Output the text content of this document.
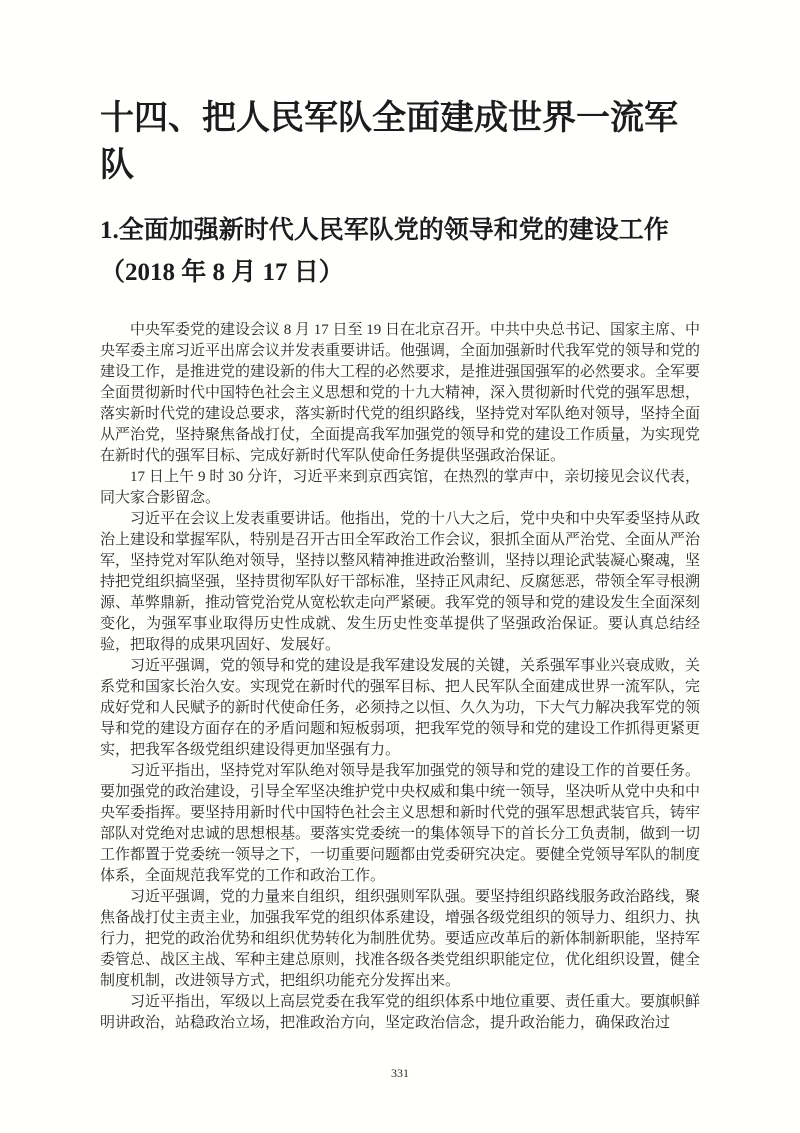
十四、把人民军队全面建成世界一流军队
1.全面加强新时代人民军队党的领导和党的建设工作（2018 年 8 月 17 日）

中央军委党的建设会议 8 月 17 日至 19 日在北京召开。中共中央总书记、国家主席、中央军委主席习近平出席会议并发表重要讲话。他强调，全面加强新时代我军党的领导和党的建设工作，是推进党的建设新的伟大工程的必然要求，是推进强国强军的必然要求。全军要全面贯彻新时代中国特色社会主义思想和党的十九大精神，深入贯彻新时代党的强军思想，落实新时代党的建设总要求，落实新时代党的组织路线，坚持党对军队绝对领导，坚持全面从严治党，坚持聚焦备战打仗，全面提高我军加强党的领导和党的建设工作质量，为实现党在新时代的强军目标、完成好新时代军队使命任务提供坚强政治保证。

17 日上午 9 时 30 分许，习近平来到京西宾馆，在热烈的掌声中，亲切接见会议代表，同大家合影留念。

习近平在会议上发表重要讲话。他指出，党的十八大之后，党中央和中央军委坚持从政治上建设和掌握军队，特别是召开古田全军政治工作会议，狠抓全面从严治党、全面从严治军，坚持党对军队绝对领导，坚持以整风精神推进政治整训，坚持以理论武装凝心聚魂，坚持把党组织搞坚强，坚持贯彻军队好干部标准，坚持正风肃纪、反腐惩恶，带领全军寻根溯源、革弊鼎新，推动管党治党从宽松软走向严紧硬。我军党的领导和党的建设发生全面深刻变化，为强军事业取得历史性成就、发生历史性变革提供了坚强政治保证。要认真总结经验，把取得的成果巩固好、发展好。

习近平强调，党的领导和党的建设是我军建设发展的关键，关系强军事业兴衰成败，关系党和国家长治久安。实现党在新时代的强军目标、把人民军队全面建成世界一流军队，完成好党和人民赋予的新时代使命任务，必须持之以恒、久久为功，下大气力解决我军党的领导和党的建设方面存在的矛盾问题和短板弱项，把我军党的领导和党的建设工作抓得更紧更实，把我军各级党组织建设得更加坚强有力。

习近平指出，坚持党对军队绝对领导是我军加强党的领导和党的建设工作的首要任务。要加强党的政治建设，引导全军坚决维护党中央权威和集中统一领导，坚决听从党中央和中央军委指挥。要坚持用新时代中国特色社会主义思想和新时代党的强军思想武装官兵，铸牢部队对党绝对忠诚的思想根基。要落实党委统一的集体领导下的首长分工负责制，做到一切工作都置于党委统一领导之下，一切重要问题都由党委研究决定。要健全党领导军队的制度体系，全面规范我军党的工作和政治工作。

习近平强调，党的力量来自组织，组织强则军队强。要坚持组织路线服务政治路线，聚焦备战打仗主责主业，加强我军党的组织体系建设，增强各级党组织的领导力、组织力、执行力，把党的政治优势和组织优势转化为制胜优势。要适应改革后的新体制新职能，坚持军委管总、战区主战、军种主建总原则，找准各级各类党组织职能定位，优化组织设置，健全制度机制，改进领导方式，把组织功能充分发挥出来。

习近平指出，军级以上高层党委在我军党的组织体系中地位重要、责任重大。要旗帜鲜明讲政治，站稳政治立场，把准政治方向，坚定政治信念，提升政治能力，确保政治过

331
